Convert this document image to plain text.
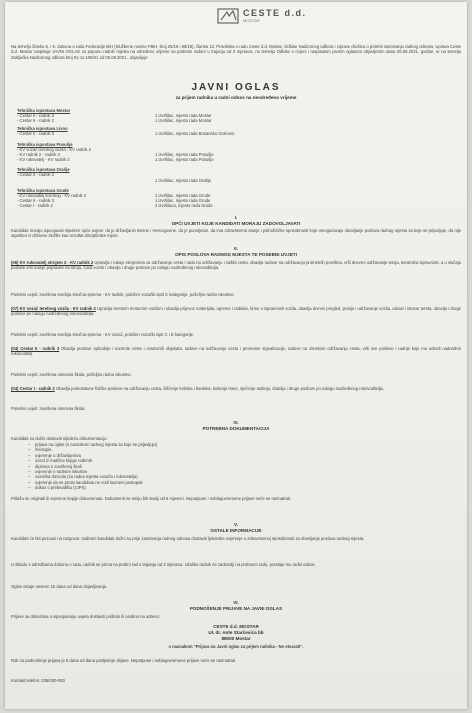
CESTE d.d.
MOSTAR
Na temelju članka 5. i 6. Zakona o radu Federacije BiH (Službene novine FBiH, broj 26/16 i 89/18), članka 13. Pravilnika o radu Ceste d.d. Mostar, Odluke Nadzornog odbora i Uprave društva o potrebi zasnivanja radnog odnosa, Uprava Ceste d.d. Mostar raspisuje JAVNI OGLAS za popunu radnih mjesta na određeno vrijeme sa probnim radom u trajanju od 3 mjeseca, na temelju Odluke o ocjeni i raspisanim javnim oglasom objavljenim dana 06.08.2021. godine, te na temelju Zaključka Nadzornog odbora broj 01-11-199/21 od 05.08.2021., objavljuje:
JAVNI OGLAS
za prijem radnika u radni odnos na neodređeno vrijeme
Tehnička ispostava Mostar
- Cestar II - radnik 3
- Cestar II - radnik 2
1 izvršilac, mjesto rada Mostar
1 izvršilac, mjesto rada Mostar
Tehnička ispostava Livno
- Cestar II - radnik 3	1 izvršilac, mjesto rada Bosansko Grahovo
Tehnička ispostava Posušje
- KV vozač teretnog vozila - KV radnik 2
- KV radnik 2 - radnik 3
- KV rukovatelj - KV radnik 2
1 izvršilac, mjesto rada Posušje
1 izvršilac, mjesto rada Posušje
Tehnička ispostava Orašje
- Cestar II - radnik 3
1 izvršilac, mjesto rada Orašje
Tehnička ispostava Grude
- KV rukovatelj teretnog - KV radnik 2
- Cestar II - radnik 3
- Cestar I - radnik 2
1 izvršilac, mjesto rada Grude
1 izvršilac, mjesto rada Grude
2 izvršilaca, mjesto rada Grude
I.
OPĆI UVJETI KOJE KANDIDATI MORAJU ZADOVOLJAVATI
Kandidati moraju ispunjavati sljedeće opće uvjete: da je državljanin Bosne i Hercegovine, da je punoljetan, da ima zdravstveno stanje i psihofizičke sposobnosti koje omogućavaju obavljanje poslova radnog mjesta za koje se prijavljuje, da nije otpušten iz državne službe kao rezultat disciplinske mjere.
II.
OPIS POSLOVA RADNOG MJESTA TE POSEBNI UVJETI
(06) KV rukovatelj strojem 2 - KV radnik 2 Upravlja i rukuje strojevima za održavanje cesta i radu na održavanju i zaštiti cesta, obavlja radove na održavanju prometnih površina, vrši dnevno održavanje stroja, kontrolira ispravnost, a u slučaju potrebe vrši manje popravke na stroju, čuva vozilo i obavlja i druge poslove po nalogu nadređenog rukovoditelja.
Posebni uvjeti: završena srednja stručna sprema - KV radnik, položen vozački ispit C kategorije, poželjno radno iskustvo.
(07) KV vozač teretnog vozila - KV radnik 2 Upravlja teretnim motornim vozilom i obavlja prijevoz materijala, opreme i radnika, brine o ispravnosti vozila, obavlja dnevni pregled, pranje i održavanje vozila, utovar i istovar tereta, obavlja i druge poslove po nalogu nadređenog rukovoditelja.
Posebni uvjeti: završena srednja stručna sprema - KV vozač, položen vozački ispit C i E kategorije.
(04) Cestar II - radnik 3 Obavlja poslove ophodnje i kontrole ceste i cestovnih objekata, radove na održavanju cesta i prometne signalizacije, radove na zimskom održavanju cesta, vrši sve poslove i radnje koje mu odredi nadređeni rukovoditelj.
Posebni uvjeti: završena osnovna škola, poželjno radno iskustvo.
(04) Cestar I - radnik 2 Obavlja jednostavne fizičke poslove na održavanju cesta, čišćenje kolnika i bankina, košenje trave, sječenje raslinja, obavlja i druge poslove po nalogu nadređenog rukovoditelja.
Posebni uvjeti: završena osnovna škola.
IV.
POTREBNA DOKUMENTACIJA
Kandidati su dužni dostaviti sljedeću dokumentaciju:
– prijava na oglas (s naznakom radnog mjesta za koje se prijavljuju)
– životopis
– uvjerenje o državljanstvu
– izvod iz matične knjige rođenih
– diploma o završenoj školi
– uvjerenje o radnom iskustvu
– vozačka dozvola (za radna mjesta vozača i rukovatelja)
– uvjerenje da se protiv kandidata ne vodi kazneni postupak
– dokaz o prebivalištu (CIPS)
Prilažu se originali ili ovjerene kopije dokumenata. Dokumenti ne smiju biti stariji od 6 mjeseci. Nepotpune i neblagovremene prijave neće se razmatrati.
V.
OSTALE INFORMACIJE
Kandidati će biti pozvani na razgovor. Izabrani kandidati dužni su prije zasnivanja radnog odnosa dostaviti ljekarsko uvjerenje o zdravstvenoj sposobnosti za obavljanje poslova radnog mjesta.
U skladu s odredbama Zakona o radu, radnik se prima na probni rad u trajanju od 3 mjeseca. Ukoliko radnik ne zadovolji na probnom radu, prestaje mu radni odnos.
Oglas ostaje otvoren 15 dana od dana objavljivanja.
VI.
PODNOŠENJE PRIJAVE NA JAVNI OGLAS
Prijave sa dokazima o ispunjavanju uvjeta dostaviti poštom ili osobno na adresu:
CESTE d.d. MOSTAR
Ul. dr. Ante Starčevića bb
88000 Mostar
s naznakom "Prijava na Javni oglas za prijem radnika - Ne otvarati".
Rok za podnošenje prijava je 8 dana od dana posljednje objave. Nepotpune i neblagovremene prijave neće se razmatrati.
Kontakt telefon: 036/000-000
